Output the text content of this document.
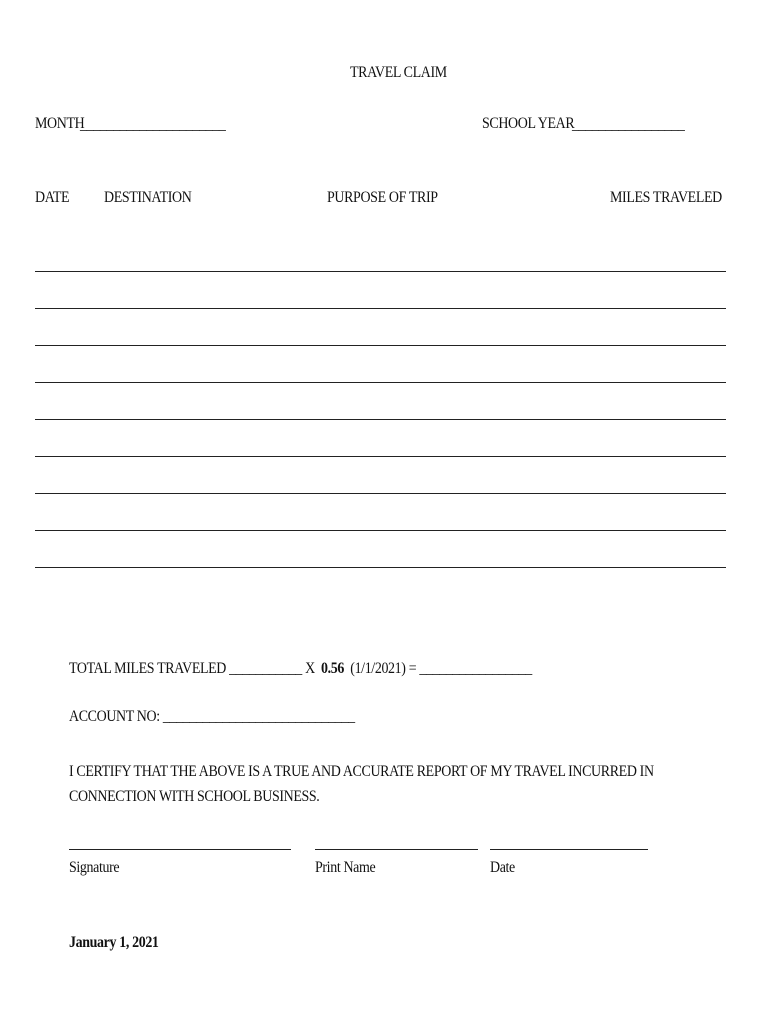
TRAVEL CLAIM
MONTH
______________________	SCHOOL YEAR
_________________
DATE DESTINATION	PURPOSE OF TRIP	MILES TRAVELED
TOTAL MILES TRAVELED ___________ X 0.56 (1/1/2021) = _________________
ACCOUNT NO: _____________________________
I CERTIFY THAT THE ABOVE IS A TRUE AND ACCURATE REPORT OF MY TRAVEL INCURRED IN CONNECTION WITH SCHOOL BUSINESS.
Signature	Print Name	Date
January 1, 2021
